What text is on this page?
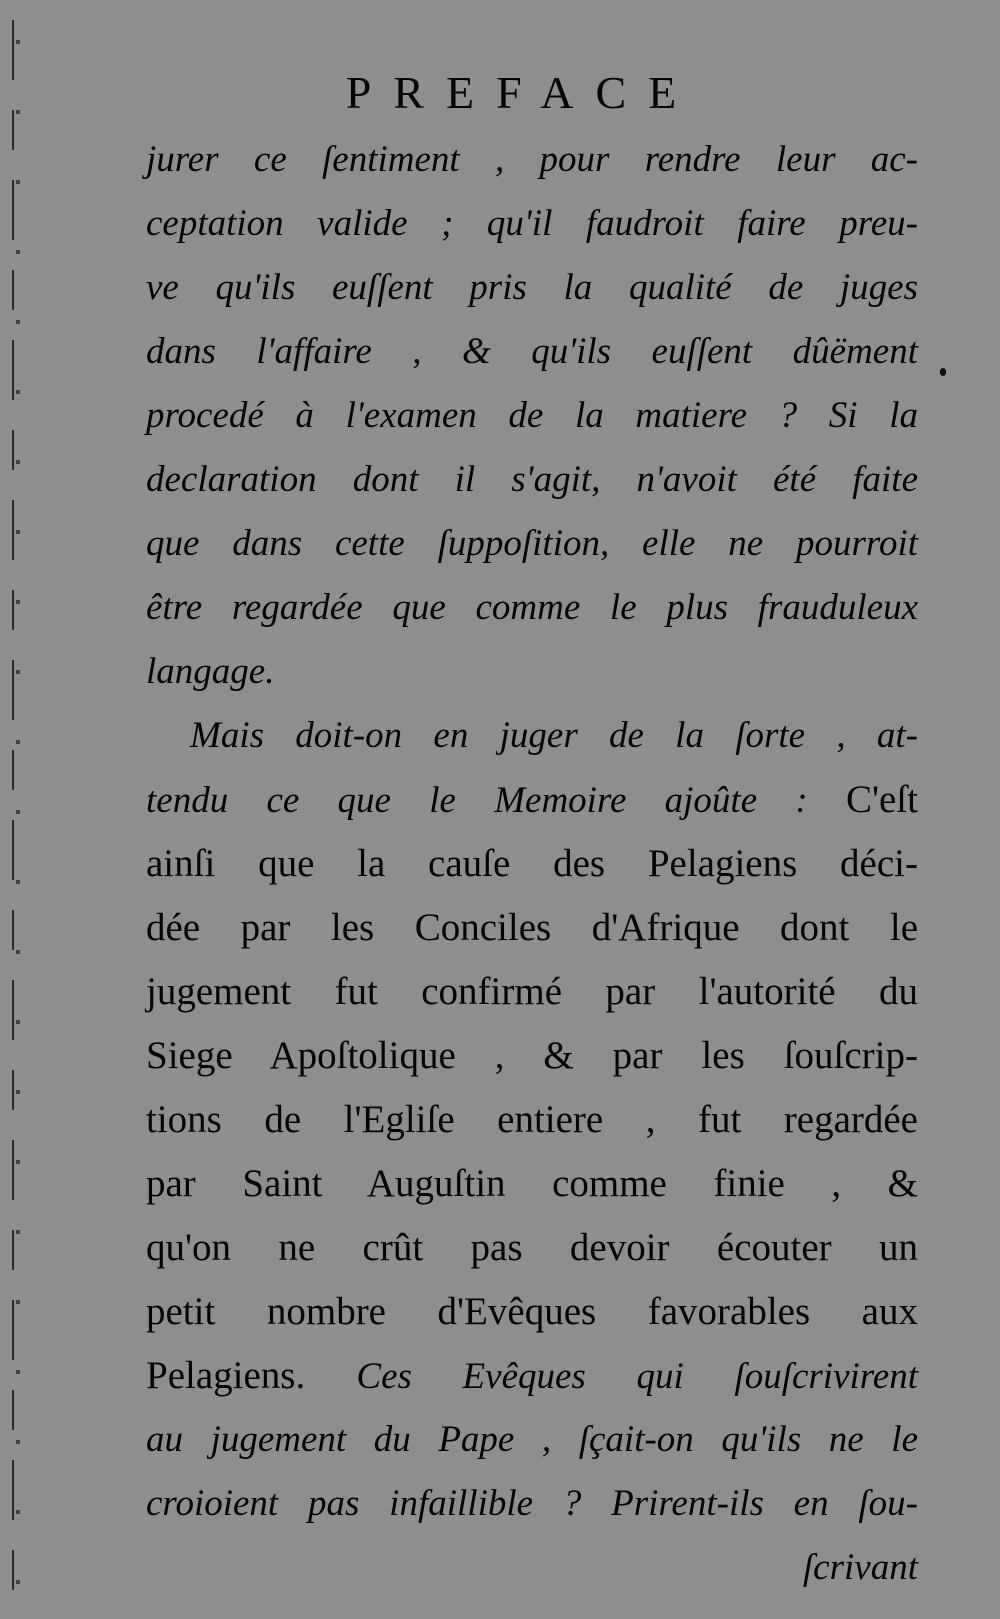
PREFACE
jurer ce ſentiment , pour rendre leur ac-
ceptation valide ; qu'il faudroit faire preu-
ve qu'ils euſſent pris la qualité de juges
dans l'affaire , & qu'ils euſſent dûëment
procedé à l'examen de la matiere ? Si la
declaration dont il s'agit, n'avoit été faite
que dans cette ſuppoſition, elle ne pourroit
être regardée que comme le plus frauduleux
langage.
Mais doit-on en juger de la ſorte , at-
tendu ce que le Memoire ajoûte : C'eſt
ainſi que la cauſe des Pelagiens déci-
dée par les Conciles d'Afrique dont le
jugement fut confirmé par l'autorité du
Siege Apoſtolique , & par les ſouſcrip-
tions de l'Egliſe entiere , fut regardée
par Saint Auguſtin comme finie , &
qu'on ne crût pas devoir écouter un
petit nombre d'Evêques favorables aux
Pelagiens. Ces Evêques qui ſouſcrivirent
au jugement du Pape , ſçait-on qu'ils ne le
croioient pas infaillible ? Prirent-ils en ſou-
ſcrivant
